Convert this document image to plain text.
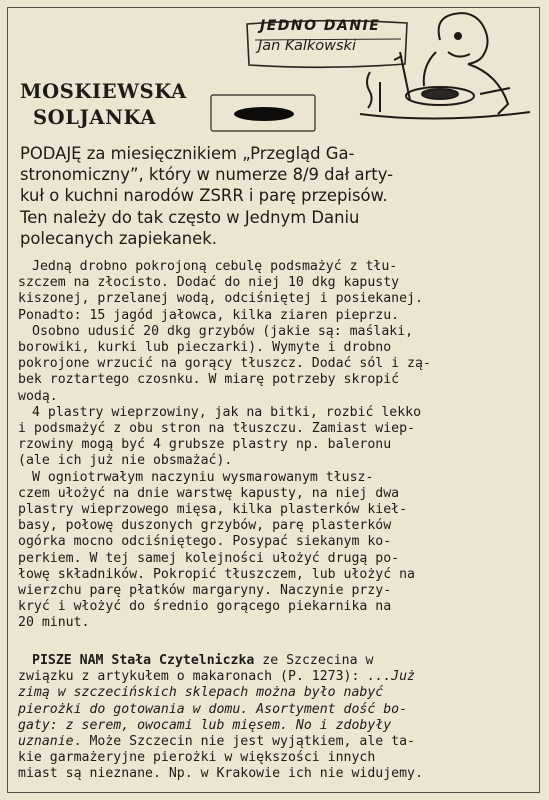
JEDNO DANIE
Jan Kalkowski
MOSKIEWSKA
SOLJANKA
PODAJĘ za miesięcznikiem „Przegląd Ga-
stronomiczny”, który w numerze 8/9 dał arty-
kuł o kuchni narodów ZSRR i parę przepisów.
Ten należy do tak często w Jednym Daniu
polecanych zapiekanek.
Jedną drobno pokrojoną cebulę podsmażyć z tłu-
szczem na złocisto. Dodać do niej 10 dkg kapusty
kiszonej, przelanej wodą, odciśniętej i posiekanej.
Ponadto: 15 jagód jałowca, kilka ziaren pieprzu.
Osobno udusić 20 dkg grzybów (jakie są: maślaki,
borowiki, kurki lub pieczarki). Wymyte i drobno
pokrojone wrzucić na gorący tłuszcz. Dodać sól i zą-
bek roztartego czosnku. W miarę potrzeby skropić
wodą.
4 plastry wieprzowiny, jak na bitki, rozbić lekko
i podsmażyć z obu stron na tłuszczu. Zamiast wiep-
rzowiny mogą być 4 grubsze plastry np. baleronu
(ale ich już nie obsmażać).
W ogniotrwałym naczyniu wysmarowanym tłusz-
czem ułożyć na dnie warstwę kapusty, na niej dwa
plastry wieprzowego mięsa, kilka plasterków kieł-
basy, połowę duszonych grzybów, parę plasterków
ogórka mocno odciśniętego. Posypać siekanym ko-
perkiem. W tej samej kolejności ułożyć drugą po-
łowę składników. Pokropić tłuszczem, lub ułożyć na
wierzchu parę płatków margaryny. Naczynie przy-
kryć i włożyć do średnio gorącego piekarnika na
20 minut.
PISZE NAM Stała Czytelniczka ze Szczecina w
związku z artykułem o makaronach (P. 1273): ...Już
zimą w szczecińskich sklepach można było nabyć
pierożki do gotowania w domu. Asortyment dość bo-
gaty: z serem, owocami lub mięsem. No i zdobyły
uznanie. Może Szczecin nie jest wyjątkiem, ale ta-
kie garmażeryjne pierożki w większości innych
miast są nieznane. Np. w Krakowie ich nie widujemy.
